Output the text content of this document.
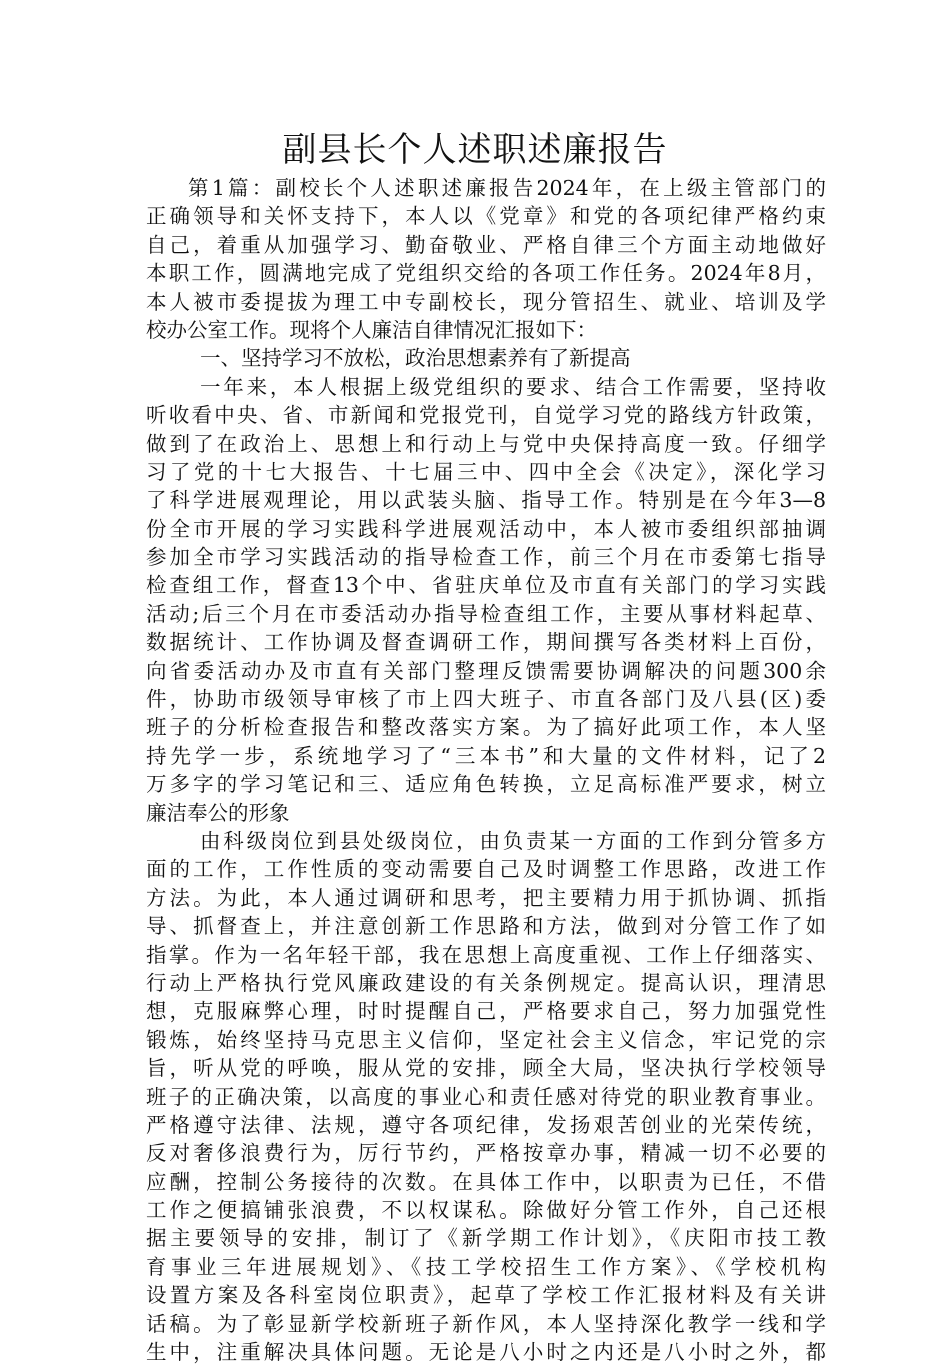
副县长个人述职述廉报告
第1篇：副校长个人述职述廉报告2024年，在上级主管部门的
正确领导和关怀支持下，本人以《党章》和党的各项纪律严格约束
自己，着重从加强学习、勤奋敬业、严格自律三个方面主动地做好
本职工作，圆满地完成了党组织交给的各项工作任务。2024年8月，
本人被市委提拔为理工中专副校长，现分管招生、就业、培训及学
校办公室工作。现将个人廉洁自律情况汇报如下：
一、坚持学习不放松，政治思想素养有了新提高
一年来，本人根据上级党组织的要求、结合工作需要，坚持收
听收看中央、省、市新闻和党报党刊，自觉学习党的路线方针政策，
做到了在政治上、思想上和行动上与党中央保持高度一致。仔细学
习了党的十七大报告、十七届三中、四中全会《决定》，深化学习
了科学进展观理论，用以武装头脑、指导工作。特别是在今年3—8
份全市开展的学习实践科学进展观活动中，本人被市委组织部抽调
参加全市学习实践活动的指导检查工作，前三个月在市委第七指导
检查组工作，督查13个中、省驻庆单位及市直有关部门的学习实践
活动;后三个月在市委活动办指导检查组工作，主要从事材料起草、
数据统计、工作协调及督查调研工作，期间撰写各类材料上百份，
向省委活动办及市直有关部门整理反馈需要协调解决的问题300余
件，协助市级领导审核了市上四大班子、市直各部门及八县(区)委
班子的分析检查报告和整改落实方案。为了搞好此项工作，本人坚
持先学一步，系统地学习了“三本书”和大量的文件材料，记了2
万多字的学习笔记和三、适应角色转换，立足高标准严要求，树立
廉洁奉公的形象
由科级岗位到县处级岗位，由负责某一方面的工作到分管多方
面的工作，工作性质的变动需要自己及时调整工作思路，改进工作
方法。为此，本人通过调研和思考，把主要精力用于抓协调、抓指
导、抓督查上，并注意创新工作思路和方法，做到对分管工作了如
指掌。作为一名年轻干部，我在思想上高度重视、工作上仔细落实、
行动上严格执行党风廉政建设的有关条例规定。提高认识，理清思
想，克服麻弊心理，时时提醒自己，严格要求自己，努力加强党性
锻炼，始终坚持马克思主义信仰，坚定社会主义信念，牢记党的宗
旨，听从党的呼唤，服从党的安排，顾全大局，坚决执行学校领导
班子的正确决策，以高度的事业心和责任感对待党的职业教育事业。
严格遵守法律、法规，遵守各项纪律，发扬艰苦创业的光荣传统，
反对奢侈浪费行为，厉行节约，严格按章办事，精减一切不必要的
应酬，控制公务接待的次数。在具体工作中，以职责为已任，不借
工作之便搞铺张浪费，不以权谋私。除做好分管工作外，自己还根
据主要领导的安排，制订了《新学期工作计划》，《庆阳市技工教
育事业三年进展规划》、《技工学校招生工作方案》、《学校机构
设置方案及各科室岗位职责》，起草了学校工作汇报材料及有关讲
话稿。为了彰显新学校新班子新作风，本人坚持深化教学一线和学
生中，注重解决具体问题。无论是八小时之内还是八小时之外，都
